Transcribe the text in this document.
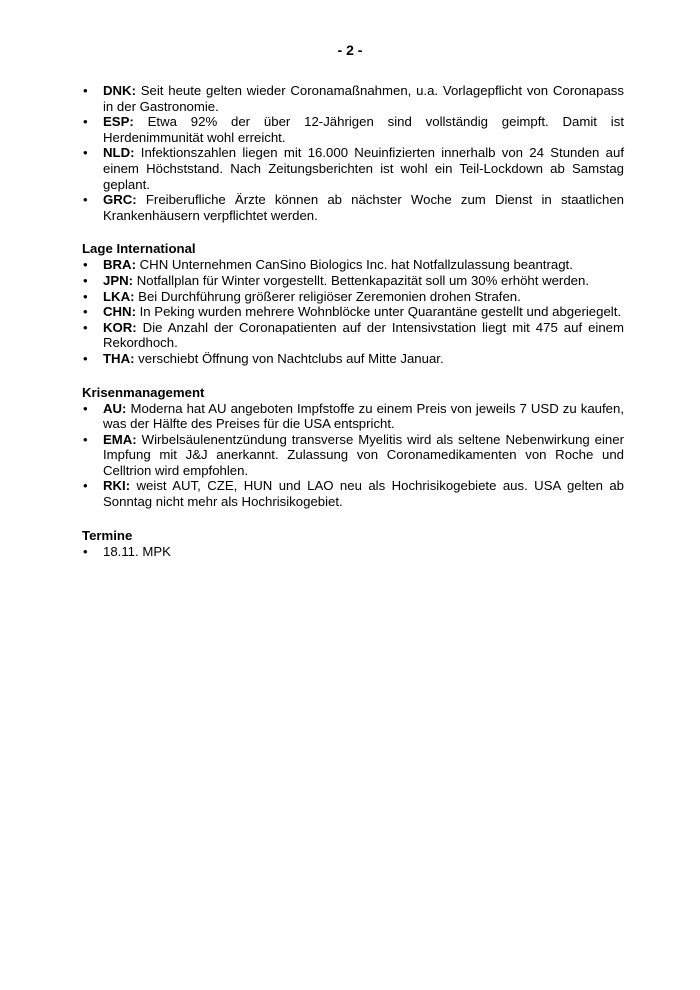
- 2 -
• DNK: Seit heute gelten wieder Coronamaßnahmen, u.a. Vorlagepflicht von Coronapass in der Gastronomie.
• ESP: Etwa 92% der über 12-Jährigen sind vollständig geimpft. Damit ist Herdenimmunität wohl erreicht.
• NLD: Infektionszahlen liegen mit 16.000 Neuinfizierten innerhalb von 24 Stunden auf einem Höchststand. Nach Zeitungsberichten ist wohl ein Teil-Lockdown ab Samstag geplant.
• GRC: Freiberufliche Ärzte können ab nächster Woche zum Dienst in staatlichen Krankenhäusern verpflichtet werden.

Lage International

• BRA: CHN Unternehmen CanSino Biologics Inc. hat Notfallzulassung beantragt.
• JPN: Notfallplan für Winter vorgestellt. Bettenkapazität soll um 30% erhöht werden.
• LKA: Bei Durchführung größerer religiöser Zeremonien drohen Strafen.
• CHN: In Peking wurden mehrere Wohnblöcke unter Quarantäne gestellt und abgeriegelt.
• KOR: Die Anzahl der Coronapatienten auf der Intensivstation liegt mit 475 auf einem Rekordhoch.
• THA: verschiebt Öffnung von Nachtclubs auf Mitte Januar.

Krisenmanagement

• AU: Moderna hat AU angeboten Impfstoffe zu einem Preis von jeweils 7 USD zu kaufen, was der Hälfte des Preises für die USA entspricht.
• EMA: Wirbelsäulenentzündung transverse Myelitis wird als seltene Nebenwirkung einer Impfung mit J&J anerkannt. Zulassung von Coronamedikamenten von Roche und Celltrion wird empfohlen.
• RKI: weist AUT, CZE, HUN und LAO neu als Hochrisikogebiete aus. USA gelten ab Sonntag nicht mehr als Hochrisikogebiet.

Termine

• 18.11. MPK
